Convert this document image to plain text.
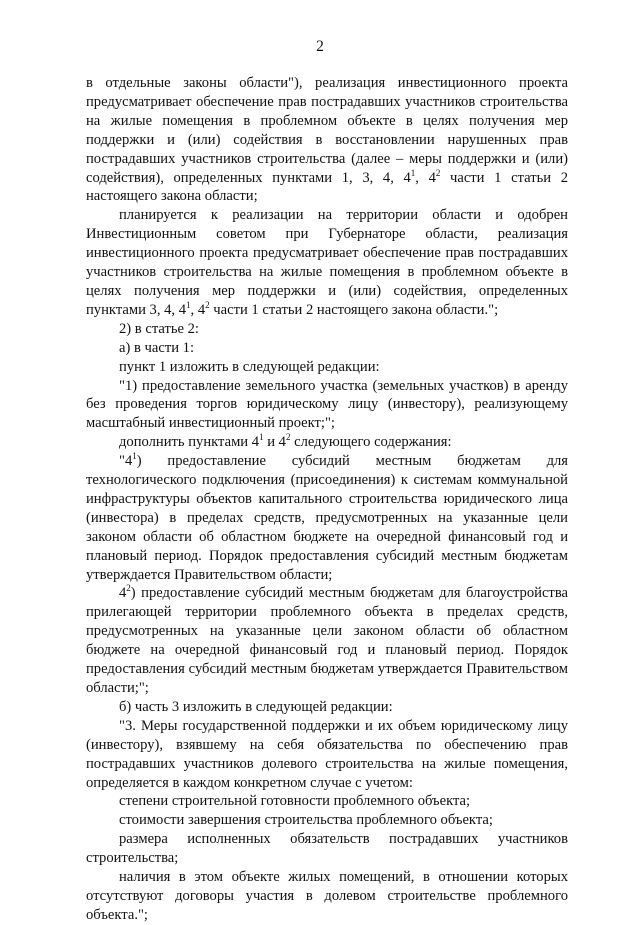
2

в отдельные законы области"), реализация инвестиционного проекта предусматривает обеспечение прав пострадавших участников строительства на жилые помещения в проблемном объекте в целях получения мер поддержки и (или) содействия в восстановлении нарушенных прав пострадавших участников строительства (далее – меры поддержки и (или) содействия), определенных пунктами 1, 3, 4, $4^1$, $4^2$ части 1 статьи 2 настоящего закона области;

планируется к реализации на территории области и одобрен Инвестиционным советом при Губернаторе области, реализация инвестиционного проекта предусматривает обеспечение прав пострадавших участников строительства на жилые помещения в проблемном объекте в целях получения мер поддержки и (или) содействия, определенных пунктами 3, 4, $4^1$, $4^2$ части 1 статьи 2 настоящего закона области.";

2) в статье 2:

а) в части 1:

пункт 1 изложить в следующей редакции:

"1) предоставление земельного участка (земельных участков) в аренду без проведения торгов юридическому лицу (инвестору), реализующему масштабный инвестиционный проект;";

дополнить пунктами $4^1$ и $4^2$ следующего содержания:

"$4^1$) предоставление субсидий местным бюджетам для технологического подключения (присоединения) к системам коммунальной инфраструктуры объектов капитального строительства юридического лица (инвестора) в пределах средств, предусмотренных на указанные цели законом области об областном бюджете на очередной финансовый год и плановый период. Порядок предоставления субсидий местным бюджетам утверждается Правительством области;

$4^2$) предоставление субсидий местным бюджетам для благоустройства прилегающей территории проблемного объекта в пределах средств, предусмотренных на указанные цели законом области об областном бюджете на очередной финансовый год и плановый период. Порядок предоставления субсидий местным бюджетам утверждается Правительством области;";

б) часть 3 изложить в следующей редакции:

"3. Меры государственной поддержки и их объем юридическому лицу (инвестору), взявшему на себя обязательства по обеспечению прав пострадавших участников долевого строительства на жилые помещения, определяется в каждом конкретном случае с учетом:

степени строительной готовности проблемного объекта;

стоимости завершения строительства проблемного объекта;

размера исполненных обязательств пострадавших участников строительства;

наличия в этом объекте жилых помещений, в отношении которых отсутствуют договоры участия в долевом строительстве проблемного объекта.";
